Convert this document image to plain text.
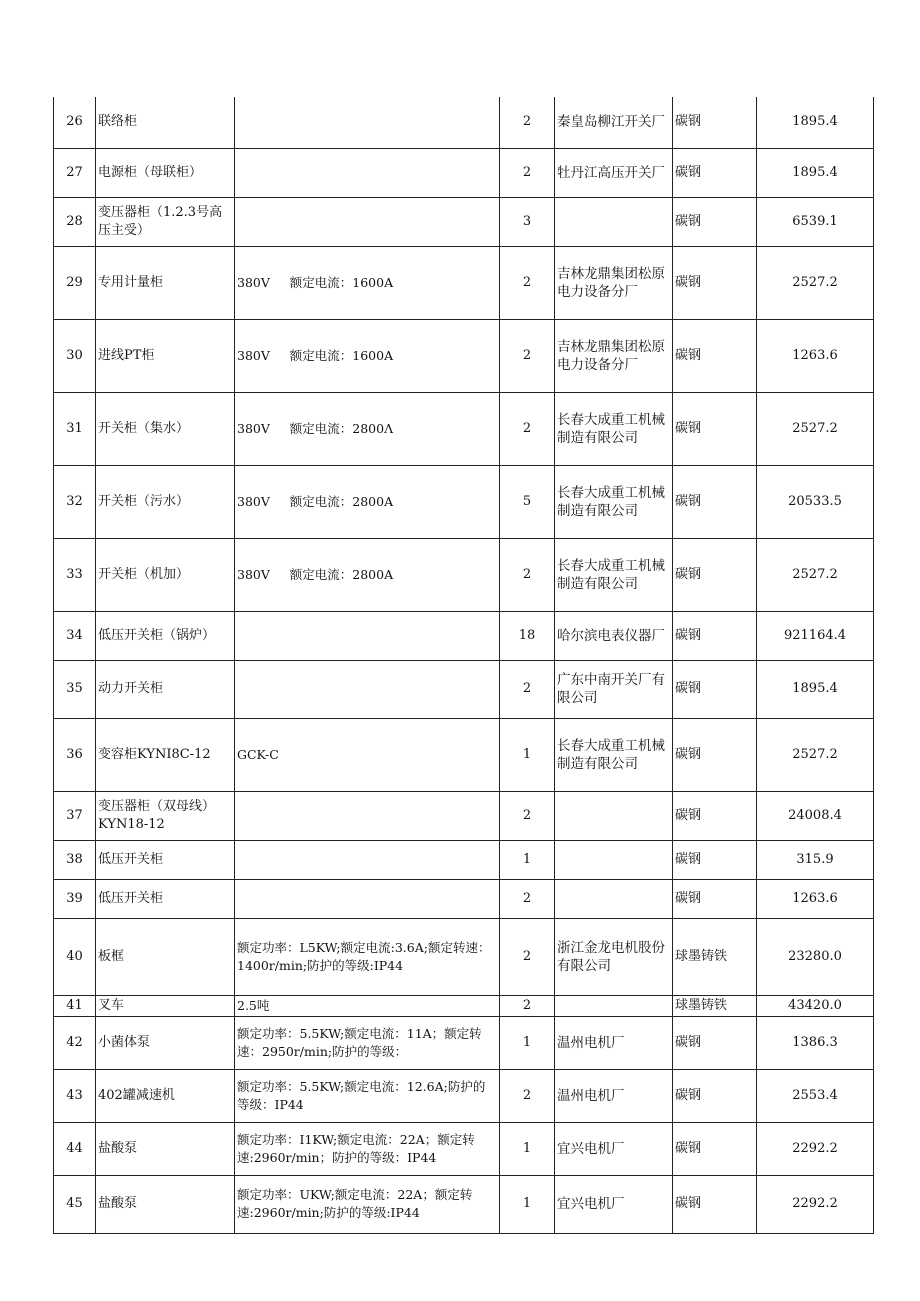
26	联络柜		2	秦皇岛柳江开关厂	碳钢	1895.4
27	电源柜（母联柜）		2	牡丹江高压开关厂	碳钢	1895.4
28	变压器柜（1.2.3号高压主受）		3		碳钢	6539.1
29	专用计量柜	380V     额定电流：1600A	2	吉林龙鼎集团松原电力设备分厂	碳钢	2527.2
30	进线PT柜	380V     额定电流：1600A	2	吉林龙鼎集团松原电力设备分厂	碳钢	1263.6
31	开关柜（集水）	380V     额定电流：2800Λ	2	长春大成重工机械制造有限公司	碳钢	2527.2
32	开关柜（污水）	380V     额定电流：2800A	5	长春大成重工机械制造有限公司	碳钢	20533.5
33	开关柜（机加）	380V     额定电流：2800A	2	长春大成重工机械制造有限公司	碳钢	2527.2
34	低压开关柜（锅炉）		18	哈尔滨电表仪器厂	碳钢	921164.4
35	动力开关柜		2	广东中南开关厂有限公司	碳钢	1895.4
36	变容柜KYNI8C-12	GCK-C	1	长春大成重工机械制造有限公司	碳钢	2527.2
37	变压器柜（双母线）KYN18-12		2		碳钢	24008.4
38	低压开关柜		1		碳钢	315.9
39	低压开关柜		2		碳钢	1263.6
40	板框	额定功率：L5KW;额定电流:3.6A;额定转速：1400r/min;防护的等级:IP44	2	浙江金龙电机股份有限公司	球墨铸铁	23280.0
41	叉车	2.5吨	2		球墨铸铁	43420.0
42	小菌体泵	额定功率：5.5KW;额定电流：11A；额定转速：2950r/min;防护的等级：	1	温州电机厂	碳钢	1386.3
43	402罐减速机	额定功率：5.5KW;额定电流：12.6A;防护的等级：IP44	2	温州电机厂	碳钢	2553.4
44	盐酸泵	额定功率：I1KW;额定电流：22A；额定转速:2960r/min；防护的等级：IP44	1	宜兴电机厂	碳钢	2292.2
45	盐酸泵	额定功率：UKW;额定电流：22A；额定转速:2960r/min;防护的等级:IP44	1	宜兴电机厂	碳钢	2292.2
